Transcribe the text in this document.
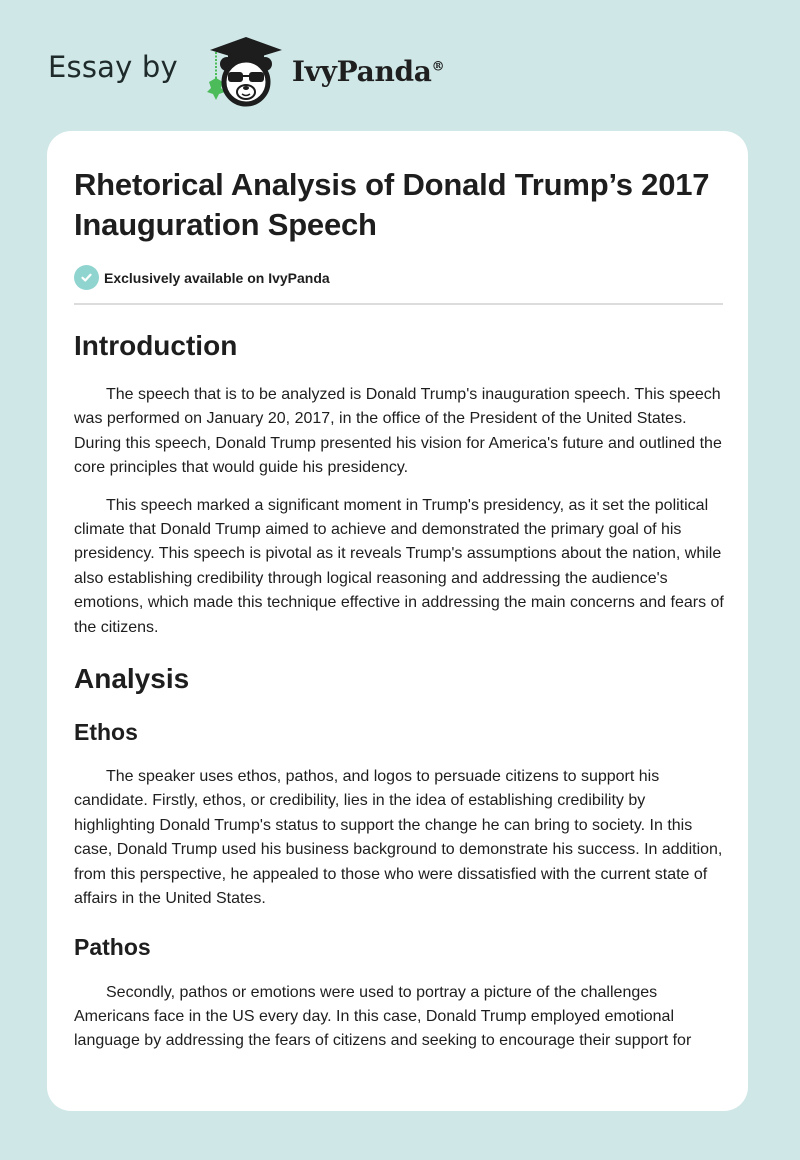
Essay by	IvyPanda®
Rhetorical Analysis of Donald Trump’s 2017 Inauguration Speech
Exclusively available on IvyPanda
Introduction

The speech that is to be analyzed is Donald Trump's inauguration speech. This speech was performed on January 20, 2017, in the office of the President of the United States. During this speech, Donald Trump presented his vision for America's future and outlined the core principles that would guide his presidency.

This speech marked a significant moment in Trump's presidency, as it set the political climate that Donald Trump aimed to achieve and demonstrated the primary goal of his presidency. This speech is pivotal as it reveals Trump's assumptions about the nation, while also establishing credibility through logical reasoning and addressing the audience's emotions, which made this technique effective in addressing the main concerns and fears of the citizens.

Analysis
Ethos

The speaker uses ethos, pathos, and logos to persuade citizens to support his candidate. Firstly, ethos, or credibility, lies in the idea of establishing credibility by highlighting Donald Trump's status to support the change he can bring to society. In this case, Donald Trump used his business background to demonstrate his success. In addition, from this perspective, he appealed to those who were dissatisfied with the current state of affairs in the United States.

Pathos

Secondly, pathos or emotions were used to portray a picture of the challenges Americans face in the US every day. In this case, Donald Trump employed emotional language by addressing the fears of citizens and seeking to encourage their support for
